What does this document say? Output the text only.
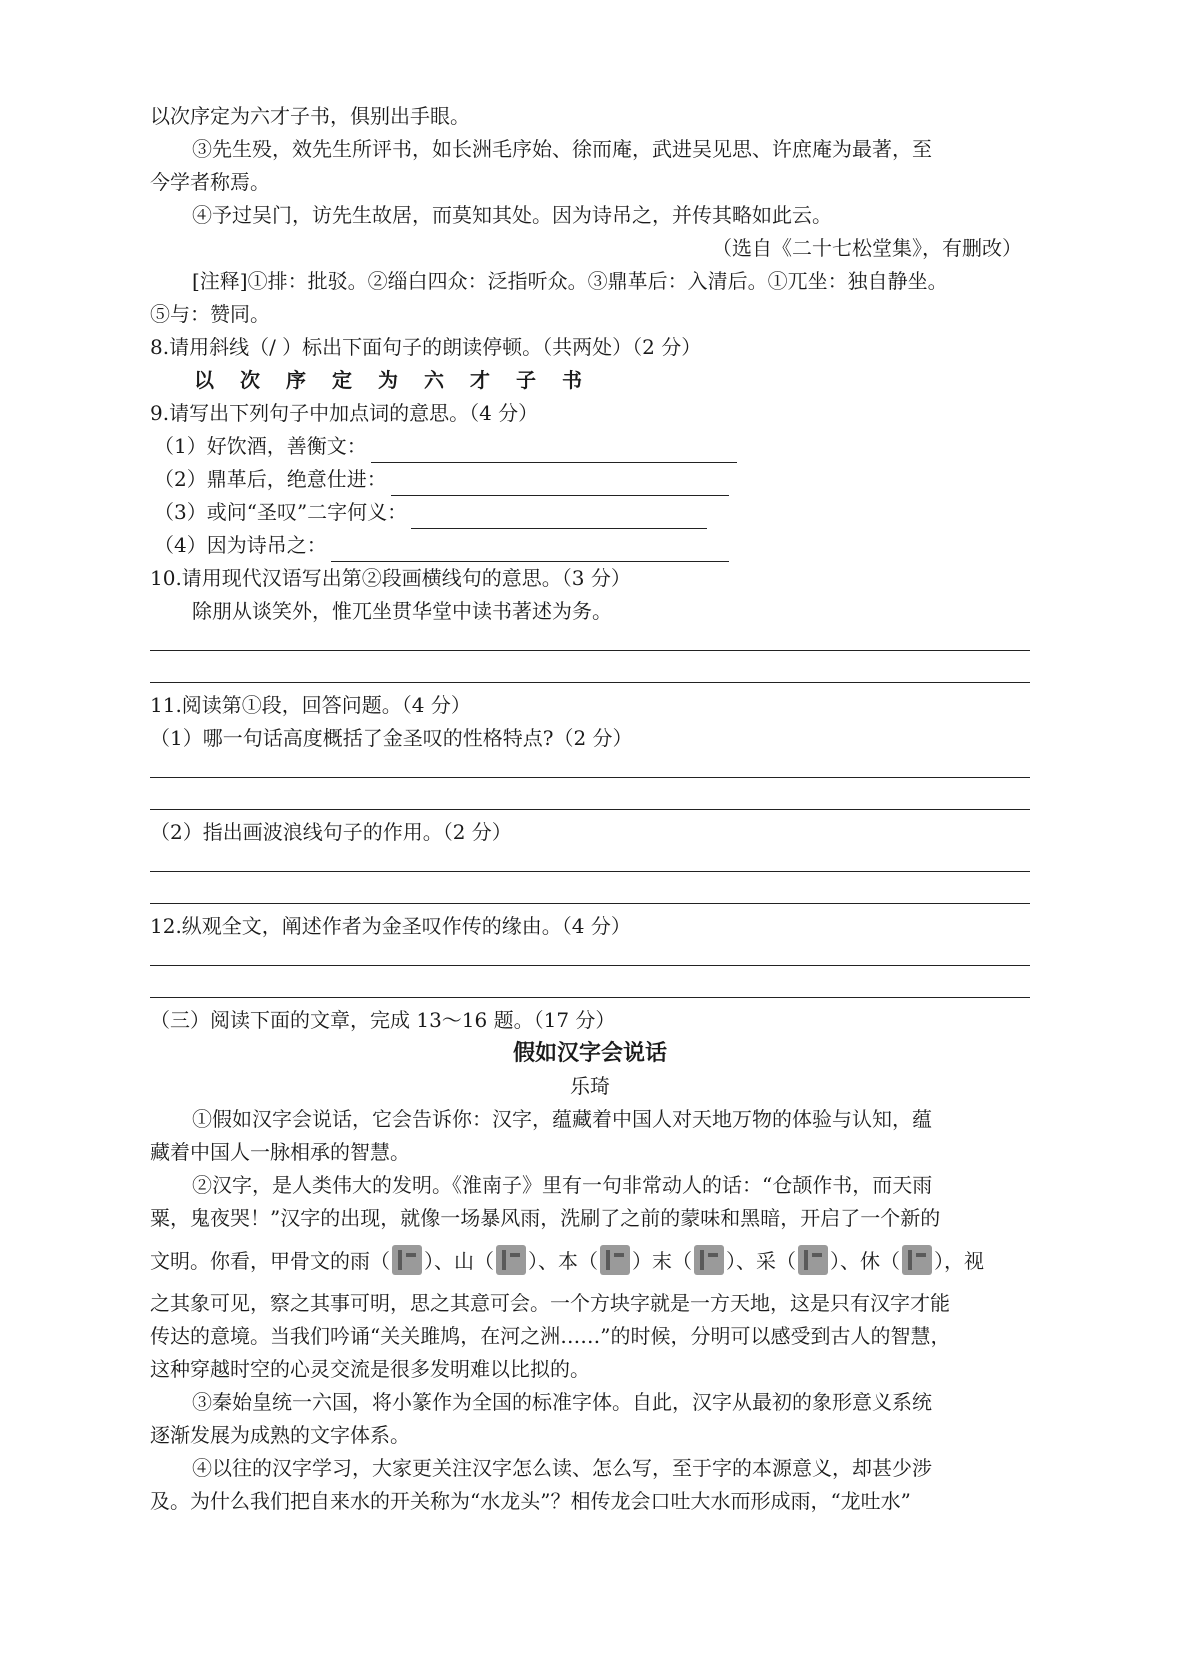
以次序定为六才子书，俱别出手眼。
③先生殁，效先生所评书，如长洲毛序始、徐而庵，武进吴见思、许庶庵为最著，至
今学者称焉。
④予过吴门，访先生故居，而莫知其处。因为诗吊之，并传其略如此云。
（选自《二十七松堂集》，有删改）
[注释]①排：批驳。②缁白四众：泛指听众。③鼎革后：入清后。①兀坐：独自静坐。
⑤与：赞同。
8.请用斜线（/ ）标出下面句子的朗读停顿。（共两处）（2 分）
以次序定为六才子书
9.请写出下列句子中加点词的意思。（4 分）
（1）好饮酒，善衡文：
（2）鼎革后，绝意仕进：
（3）或问“圣叹”二字何义：
（4）因为诗吊之：
10.请用现代汉语写出第②段画横线句的意思。（3 分）
除朋从谈笑外，惟兀坐贯华堂中读书著述为务。
11.阅读第①段，回答问题。（4 分）
（1）哪一句话高度概括了金圣叹的性格特点?（2 分）
（2）指出画波浪线句子的作用。（2 分）
12.纵观全文，阐述作者为金圣叹作传的缘由。（4 分）
（三）阅读下面的文章，完成 13～16 题。（17 分）
假如汉字会说话
乐琦
①假如汉字会说话，它会告诉你：汉字，蕴藏着中国人对天地万物的体验与认知，蕴
藏着中国人一脉相承的智慧。
②汉字，是人类伟大的发明。《淮南子》里有一句非常动人的话：“仓颉作书，而天雨
粟，鬼夜哭！”汉字的出现，就像一场暴风雨，洗刷了之前的蒙味和黑暗，开启了一个新的
文明。你看，甲骨文的雨（ ）、山（ ）、本（ ）末（ ）、采（ ）、休（ ），视
之其象可见，察之其事可明，思之其意可会。一个方块字就是一方天地，这是只有汉字才能
传达的意境。当我们吟诵“关关雎鸠，在河之洲……”的时候，分明可以感受到古人的智慧，
这种穿越时空的心灵交流是很多发明难以比拟的。
③秦始皇统一六国，将小篆作为全国的标准字体。自此，汉字从最初的象形意义系统
逐渐发展为成熟的文字体系。
④以往的汉字学习，大家更关注汉字怎么读、怎么写，至于字的本源意义，却甚少涉
及。为什么我们把自来水的开关称为“水龙头”？相传龙会口吐大水而形成雨，“龙吐水”
